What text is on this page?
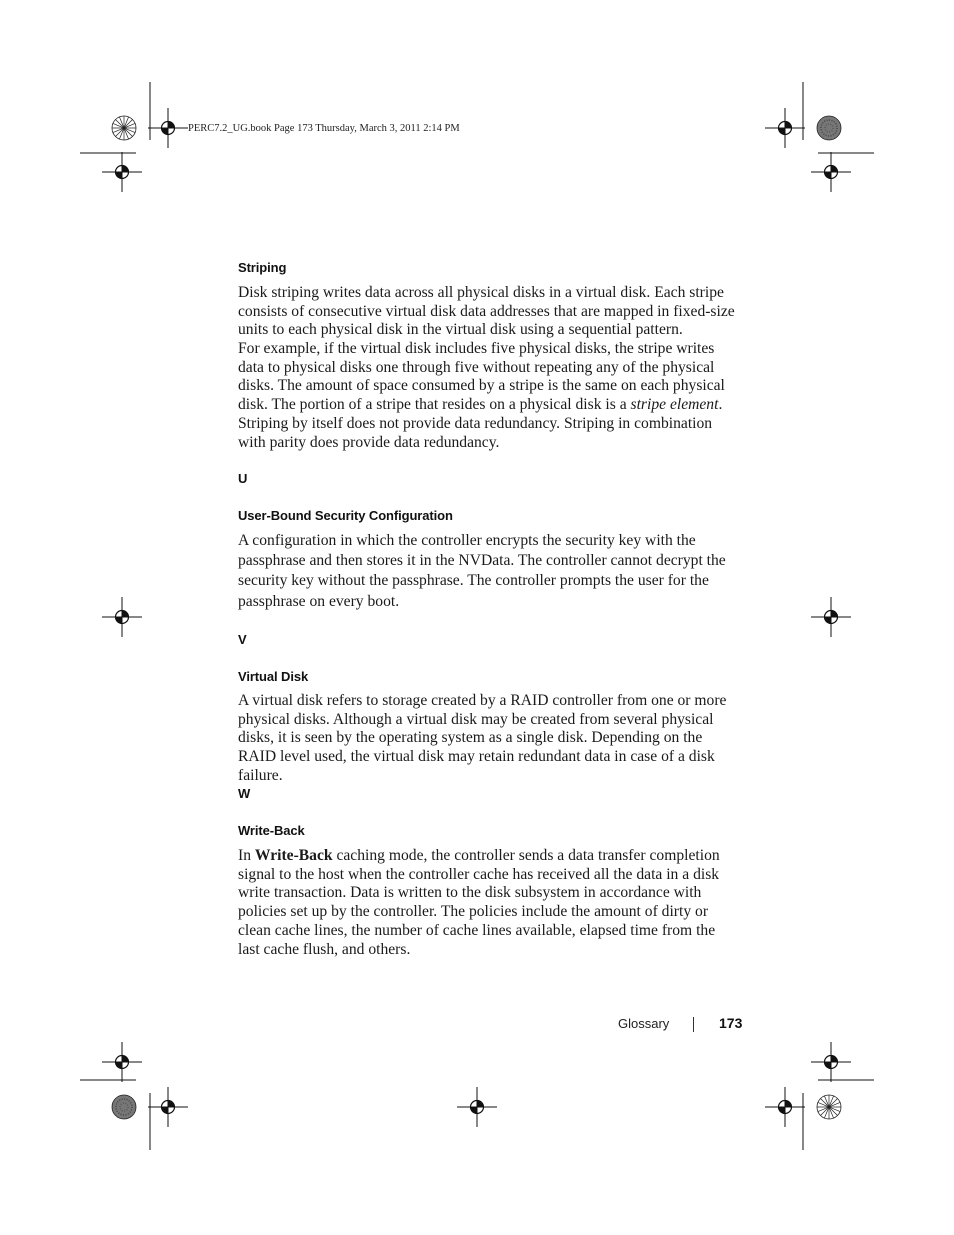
PERC7.2_UG.book Page 173 Thursday, March 3, 2011 2:14 PM
Striping

Disk striping writes data across all physical disks in a virtual disk. Each stripe consists of consecutive virtual disk data addresses that are mapped in fixed-size units to each physical disk in the virtual disk using a sequential pattern.

For example, if the virtual disk includes five physical disks, the stripe writes data to physical disks one through five without repeating any of the physical disks. The amount of space consumed by a stripe is the same on each physical disk. The portion of a stripe that resides on a physical disk is a stripe element. Striping by itself does not provide data redundancy. Striping in combination with parity does provide data redundancy.

U
User-Bound Security Configuration

A configuration in which the controller encrypts the security key with the passphrase and then stores it in the NVData. The controller cannot decrypt the security key without the passphrase. The controller prompts the user for the passphrase on every boot.

V
Virtual Disk

A virtual disk refers to storage created by a RAID controller from one or more physical disks. Although a virtual disk may be created from several physical disks, it is seen by the operating system as a single disk. Depending on the RAID level used, the virtual disk may retain redundant data in case of a disk failure.

W
Write-Back

In Write-Back caching mode, the controller sends a data transfer completion signal to the host when the controller cache has received all the data in a disk write transaction. Data is written to the disk subsystem in accordance with policies set up by the controller. The policies include the amount of dirty or clean cache lines, the number of cache lines available, elapsed time from the last cache flush, and others.

Glossary	173
